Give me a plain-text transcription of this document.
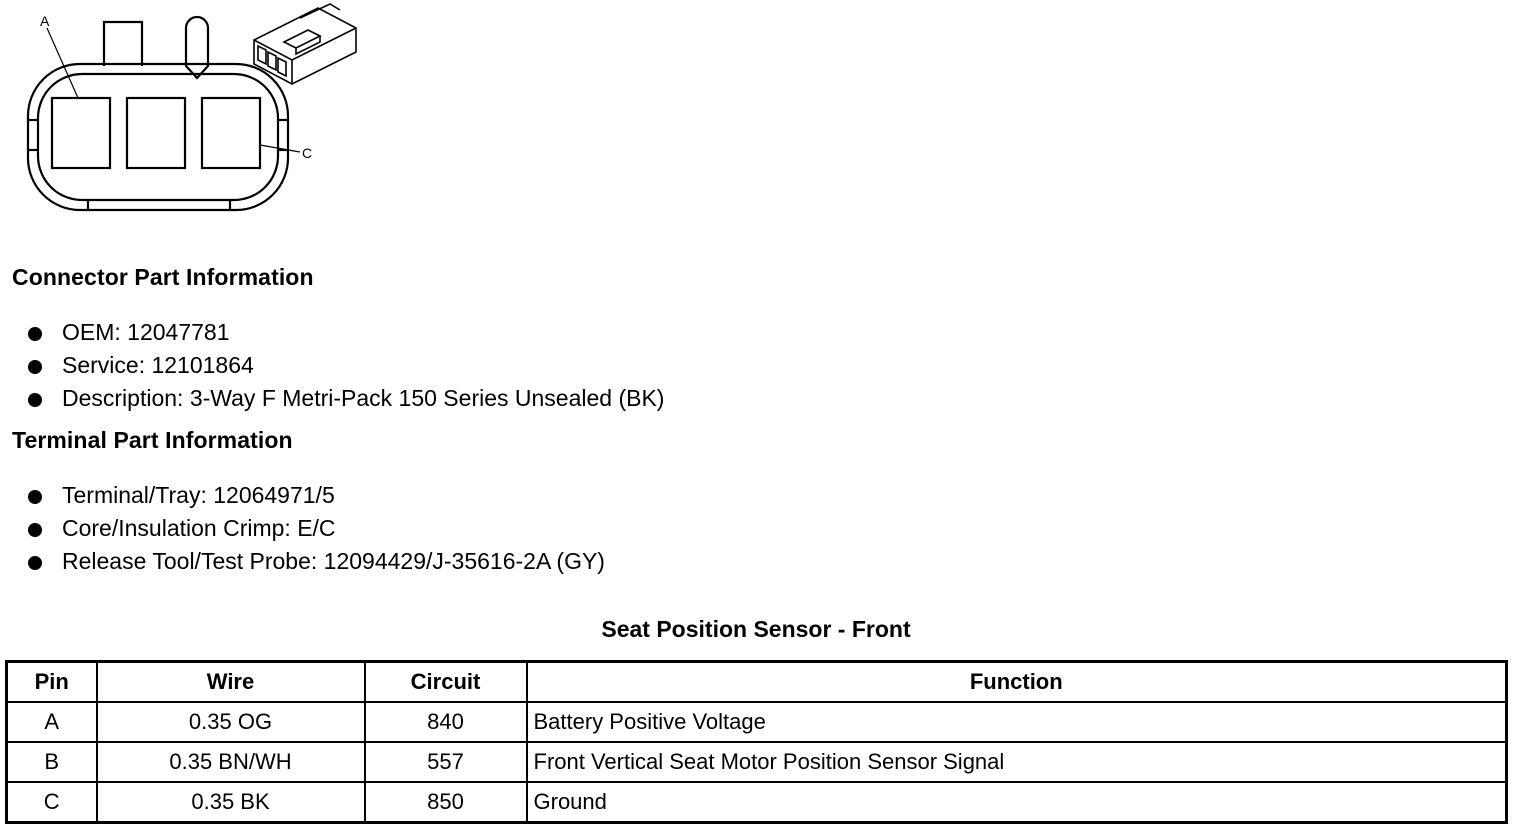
A
C
Connector Part Information
OEM: 12047781
Service: 12101864
Description: 3-Way F Metri-Pack 150 Series Unsealed (BK)
Terminal Part Information
Terminal/Tray: 12064971/5
Core/Insulation Crimp: E/C
Release Tool/Test Probe: 12094429/J-35616-2A (GY)
Seat Position Sensor - Front
Pin	Wire	Circuit	Function
A	0.35 OG	840	Battery Positive Voltage
B	0.35 BN/WH	557	Front Vertical Seat Motor Position Sensor Signal
C	0.35 BK	850	Ground
